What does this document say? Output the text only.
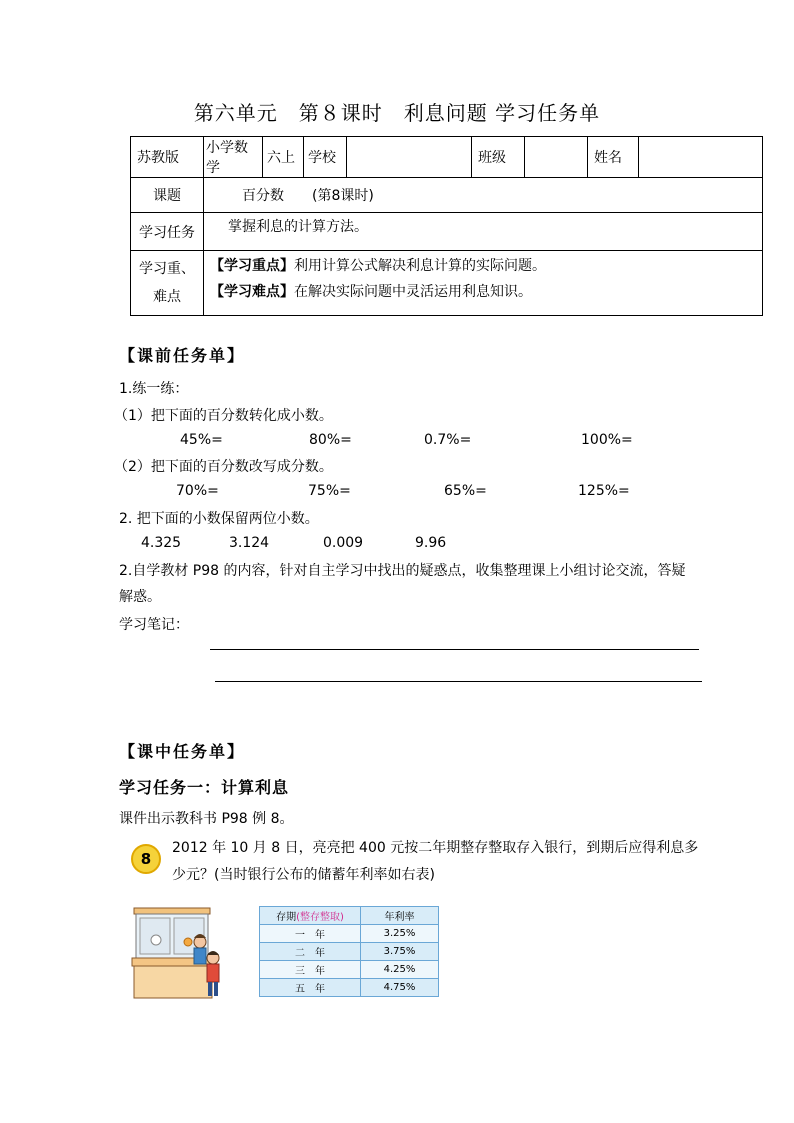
第六单元　第８课时　利息问题 学习任务单
苏教版	小学数学	六上	学校		班级		姓名	
课题	百分数　　(第8课时)							
学习任务	掌握利息的计算方法。							
学习重、难点	【学习重点】利用计算公式解决利息计算的实际问题。
【学习难点】在解决实际问题中灵活运用利息知识。							
【课前任务单】
1.练一练：
（1）把下面的百分数转化成小数。
45%=	80%=	0.7%=	100%=
（2）把下面的百分数改写成分数。
70%=	75%=	65%=	125%=
2. 把下面的小数保留两位小数。
4.325	3.124	0.009	9.96
2.自学教材 P98 的内容，针对自主学习中找出的疑惑点，收集整理课上小组讨论交流，答疑
解惑。
学习笔记：
【课中任务单】
学习任务一：计算利息
课件出示教科书 P98 例 8。
8
2012 年 10 月 8 日，亮亮把 400 元按二年期整存整取存入银行，到期后应得利息多
少元？(当时银行公布的储蓄年利率如右表)
存期(整存整取)	年利率
一　年	3.25%
二　年	3.75%
三　年	4.25%
五　年	4.75%
